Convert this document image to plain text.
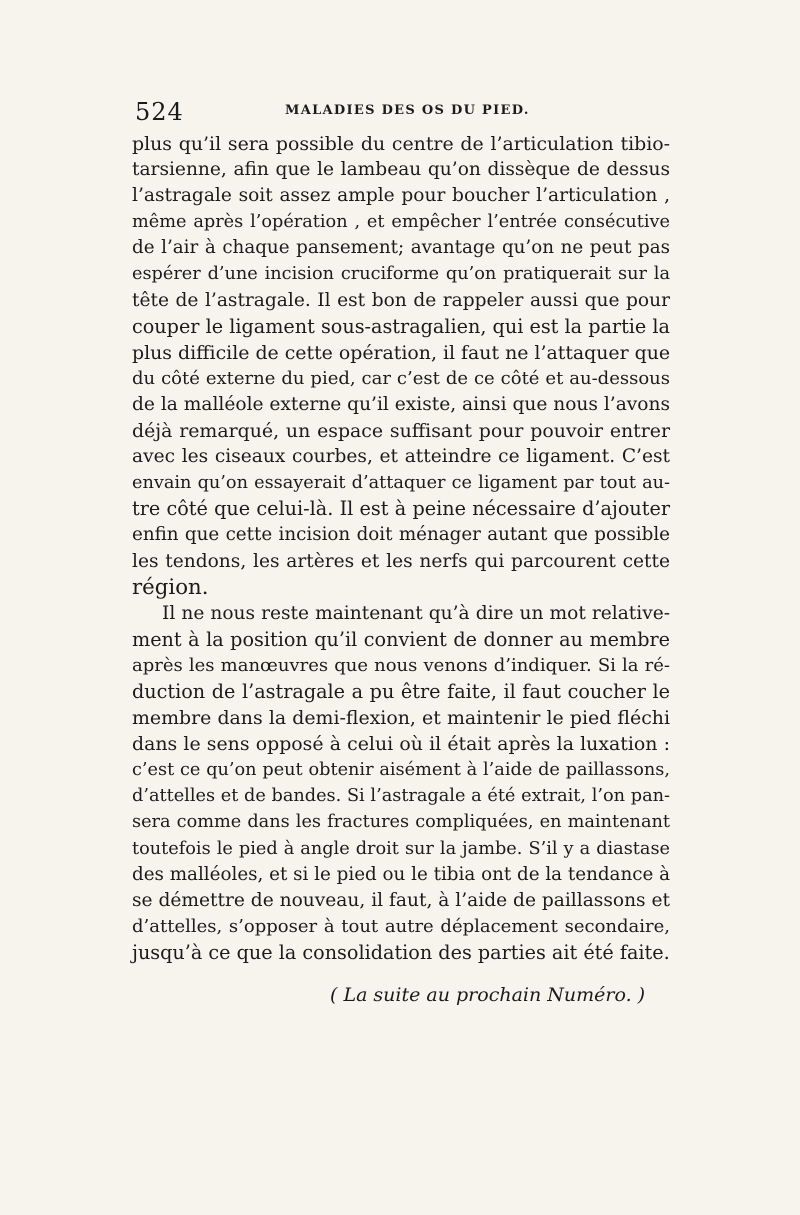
524	MALADIES DES OS DU PIED.
plus qu’il sera possible du centre de l’articulation tibio-
tarsienne, afin que le lambeau qu’on dissèque de dessus
l’astragale soit assez ample pour boucher l’articulation ,
même après l’opération , et empêcher l’entrée consécutive
de l’air à chaque pansement; avantage qu’on ne peut pas
espérer d’une incision cruciforme qu’on pratiquerait sur la
tête de l’astragale. Il est bon de rappeler aussi que pour
couper le ligament sous-astragalien, qui est la partie la
plus difficile de cette opération, il faut ne l’attaquer que
du côté externe du pied, car c’est de ce côté et au-dessous
de la malléole externe qu’il existe, ainsi que nous l’avons
déjà remarqué, un espace suffisant pour pouvoir entrer
avec les ciseaux courbes, et atteindre ce ligament. C’est
envain qu’on essayerait d’attaquer ce ligament par tout au-
tre côté que celui-là. Il est à peine nécessaire d’ajouter
enfin que cette incision doit ménager autant que possible
les tendons, les artères et les nerfs qui parcourent cette
région.
Il ne nous reste maintenant qu’à dire un mot relative-
ment à la position qu’il convient de donner au membre
après les manœuvres que nous venons d’indiquer. Si la ré-
duction de l’astragale a pu être faite, il faut coucher le
membre dans la demi-flexion, et maintenir le pied fléchi
dans le sens opposé à celui où il était après la luxation :
c’est ce qu’on peut obtenir aisément à l’aide de paillassons,
d’attelles et de bandes. Si l’astragale a été extrait, l’on pan-
sera comme dans les fractures compliquées, en maintenant
toutefois le pied à angle droit sur la jambe. S’il y a diastase
des malléoles, et si le pied ou le tibia ont de la tendance à
se démettre de nouveau, il faut, à l’aide de paillassons et
d’attelles, s’opposer à tout autre déplacement secondaire,
jusqu’à ce que la consolidation des parties ait été faite.
( La suite au prochain Numéro. )
